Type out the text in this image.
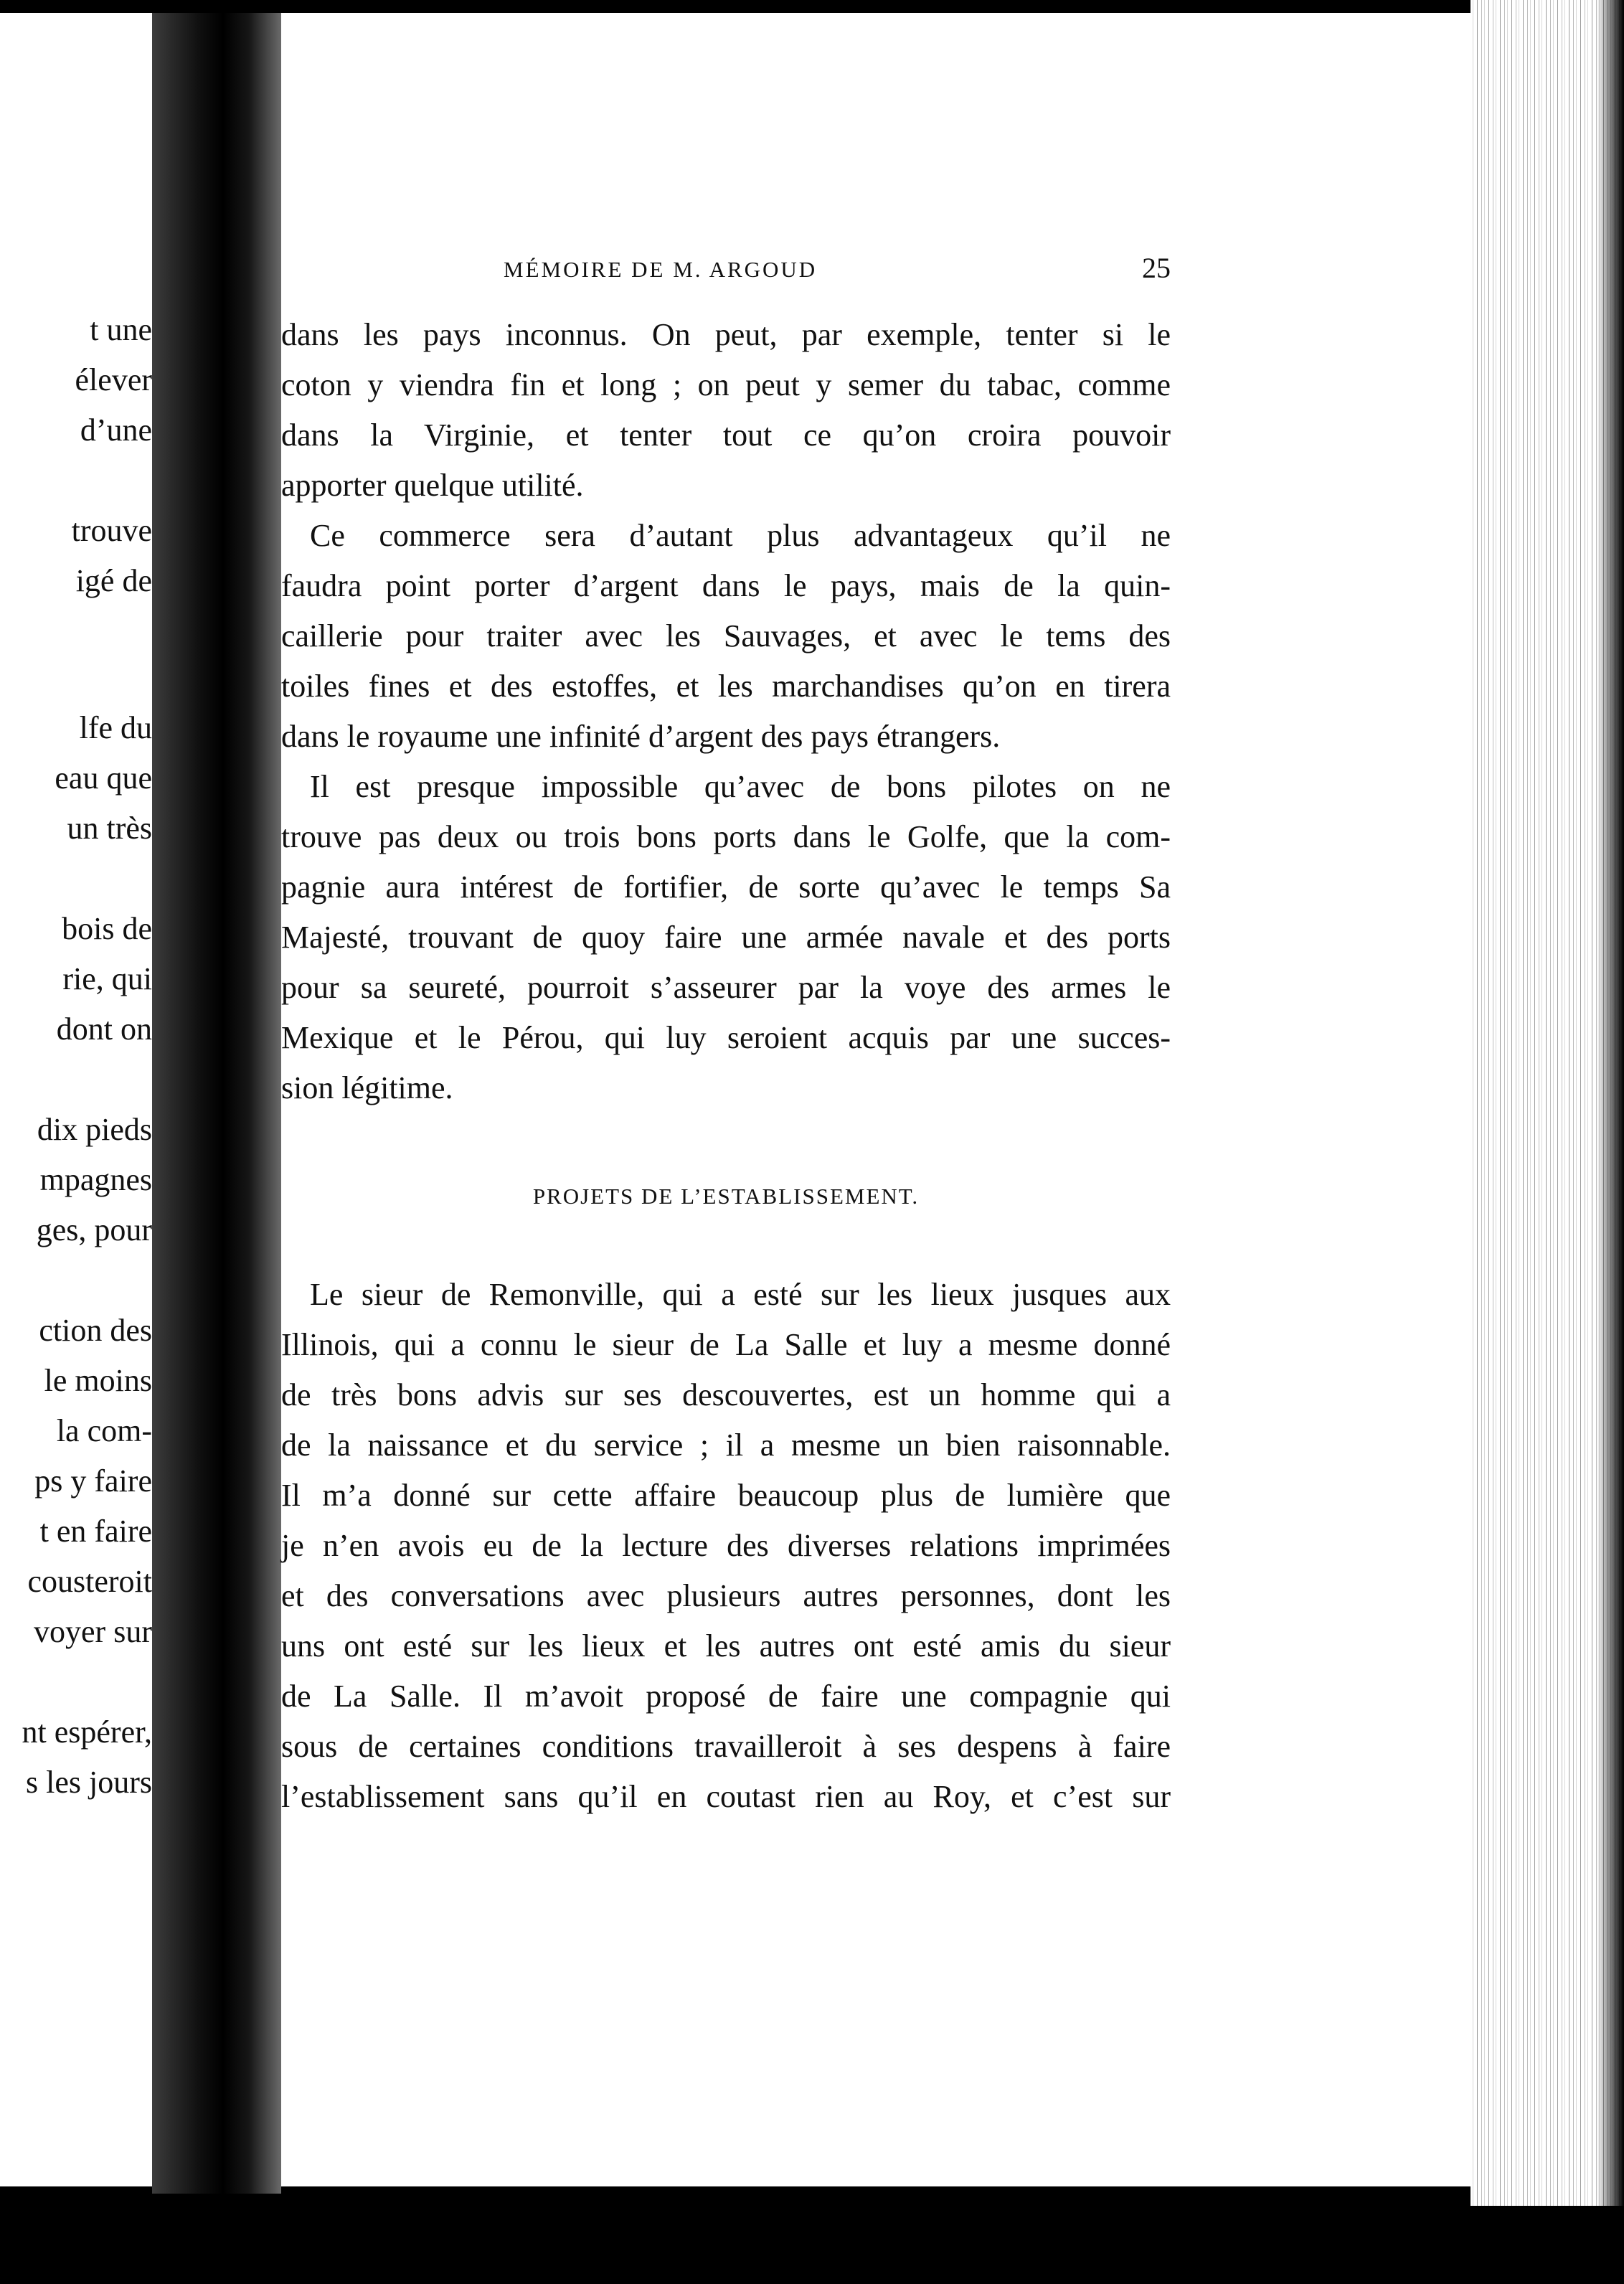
t une
élever
d’une
trouve
igé de
lfe du
eau que
un très
bois de
rie, qui
dont on
dix pieds
mpagnes
ges, pour
ction des
le moins
la com-
ps y faire
t en faire
cousteroit
voyer sur
nt espérer,
s les jours
MÉMOIRE DE M. ARGOUD	25
dans les pays inconnus. On peut, par exemple, tenter si le
coton y viendra fin et long ; on peut y semer du tabac, comme
dans la Virginie, et tenter tout ce qu’on croira pouvoir
apporter quelque utilité.
Ce commerce sera d’autant plus advantageux qu’il ne
faudra point porter d’argent dans le pays, mais de la quin-
caillerie pour traiter avec les Sauvages, et avec le tems des
toiles fines et des estoffes, et les marchandises qu’on en tirera
dans le royaume une infinité d’argent des pays étrangers.
Il est presque impossible qu’avec de bons pilotes on ne
trouve pas deux ou trois bons ports dans le Golfe, que la com-
pagnie aura intérest de fortifier, de sorte qu’avec le temps Sa
Majesté, trouvant de quoy faire une armée navale et des ports
pour sa seureté, pourroit s’asseurer par la voye des armes le
Mexique et le Pérou, qui luy seroient acquis par une succes-
sion légitime.
PROJETS DE L’ESTABLISSEMENT.
Le sieur de Remonville, qui a esté sur les lieux jusques aux
Illinois, qui a connu le sieur de La Salle et luy a mesme donné
de très bons advis sur ses descouvertes, est un homme qui a
de la naissance et du service ; il a mesme un bien raisonnable.
Il m’a donné sur cette affaire beaucoup plus de lumière que
je n’en avois eu de la lecture des diverses relations imprimées
et des conversations avec plusieurs autres personnes, dont les
uns ont esté sur les lieux et les autres ont esté amis du sieur
de La Salle. Il m’avoit proposé de faire une compagnie qui
sous de certaines conditions travailleroit à ses despens à faire
l’establissement sans qu’il en coutast rien au Roy, et c’est sur
